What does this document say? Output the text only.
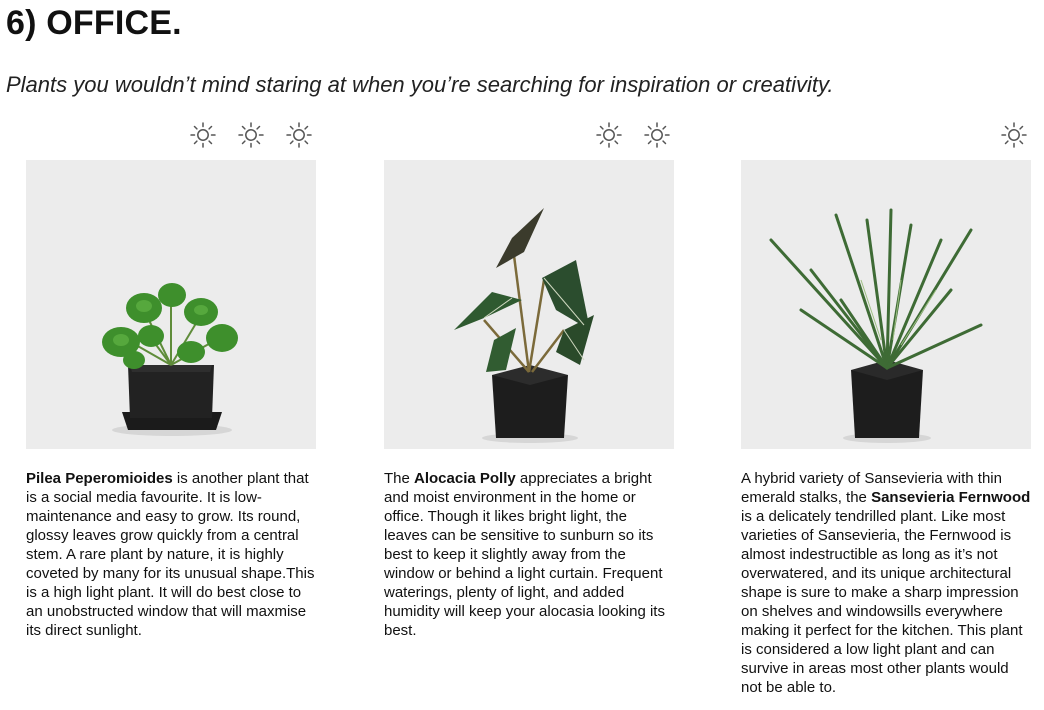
6) OFFICE.

Plants you wouldn’t mind staring at when you’re searching for inspiration or creativity.

Pilea Peperomioides is another plant that is a social media favourite. It is low-maintenance and easy to grow. Its round, glossy leaves grow quickly from a central stem. A rare plant by nature, it is highly coveted by many for its unusual shape.This is a high light plant. It will do best close to an unobstructed window that will maxmise its direct sunlight.

The Alocacia Polly appreciates a bright and moist environment in the home or office. Though it likes bright light, the leaves can be sensitive to sunburn so its best to keep it slightly away from the window or behind a light curtain. Frequent waterings, plenty of light, and added humidity will keep your alocasia looking its best.

A hybrid variety of Sansevieria with thin emerald stalks, the Sansevieria Fernwood is a delicately tendrilled plant. Like most varieties of Sansevieria, the Fernwood is almost indestructible as long as it’s not overwatered, and its unique architectural shape is sure to make a sharp impression on shelves and windowsills everywhere making it perfect for the kitchen. This plant is considered a low light plant and can survive in areas most other plants would not be able to.
